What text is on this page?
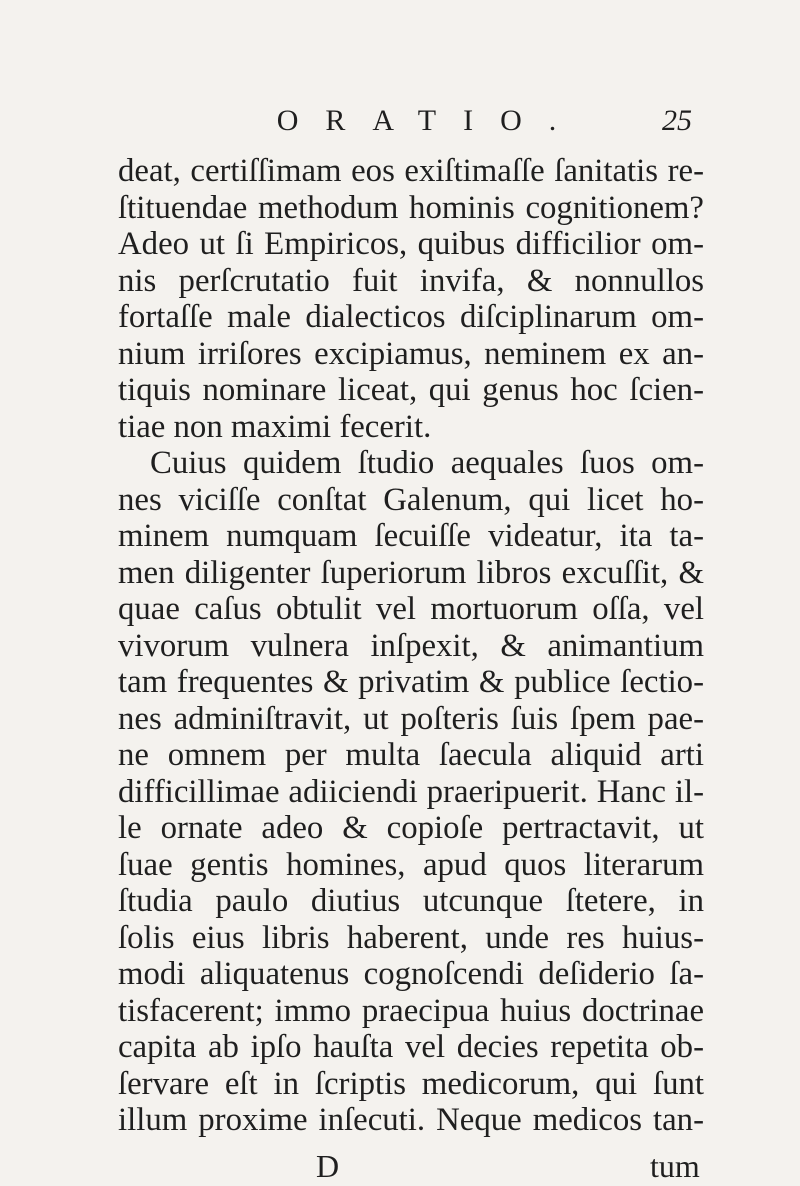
ORATIO.	25
deat, certiſſimam eos exiſtimaſſe ſanitatis re-
ſtituendae methodum hominis cognitionem?
Adeo ut ſi Empiricos, quibus difficilior om-
nis perſcrutatio fuit invifa, & nonnullos
fortaſſe male dialecticos diſciplinarum om-
nium irriſores excipiamus, neminem ex an-
tiquis nominare liceat, qui genus hoc ſcien-
tiae non maximi fecerit.
Cuius quidem ſtudio aequales ſuos om-
nes viciſſe conſtat Galenum, qui licet ho-
minem numquam ſecuiſſe videatur, ita ta-
men diligenter ſuperiorum libros excuſſit, &
quae caſus obtulit vel mortuorum oſſa, vel
vivorum vulnera inſpexit, & animantium
tam frequentes & privatim & publice ſectio-
nes adminiſtravit, ut poſteris ſuis ſpem pae-
ne omnem per multa ſaecula aliquid arti
difficillimae adiiciendi praeripuerit. Hanc il-
le ornate adeo & copioſe pertractavit, ut
ſuae gentis homines, apud quos literarum
ſtudia paulo diutius utcunque ſtetere, in
ſolis eius libris haberent, unde res huius-
modi aliquatenus cognoſcendi deſiderio ſa-
tisfacerent; immo praecipua huius doctrinae
capita ab ipſo hauſta vel decies repetita ob-
ſervare eſt in ſcriptis medicorum, qui ſunt
illum proxime inſecuti. Neque medicos tan-
D	tum
